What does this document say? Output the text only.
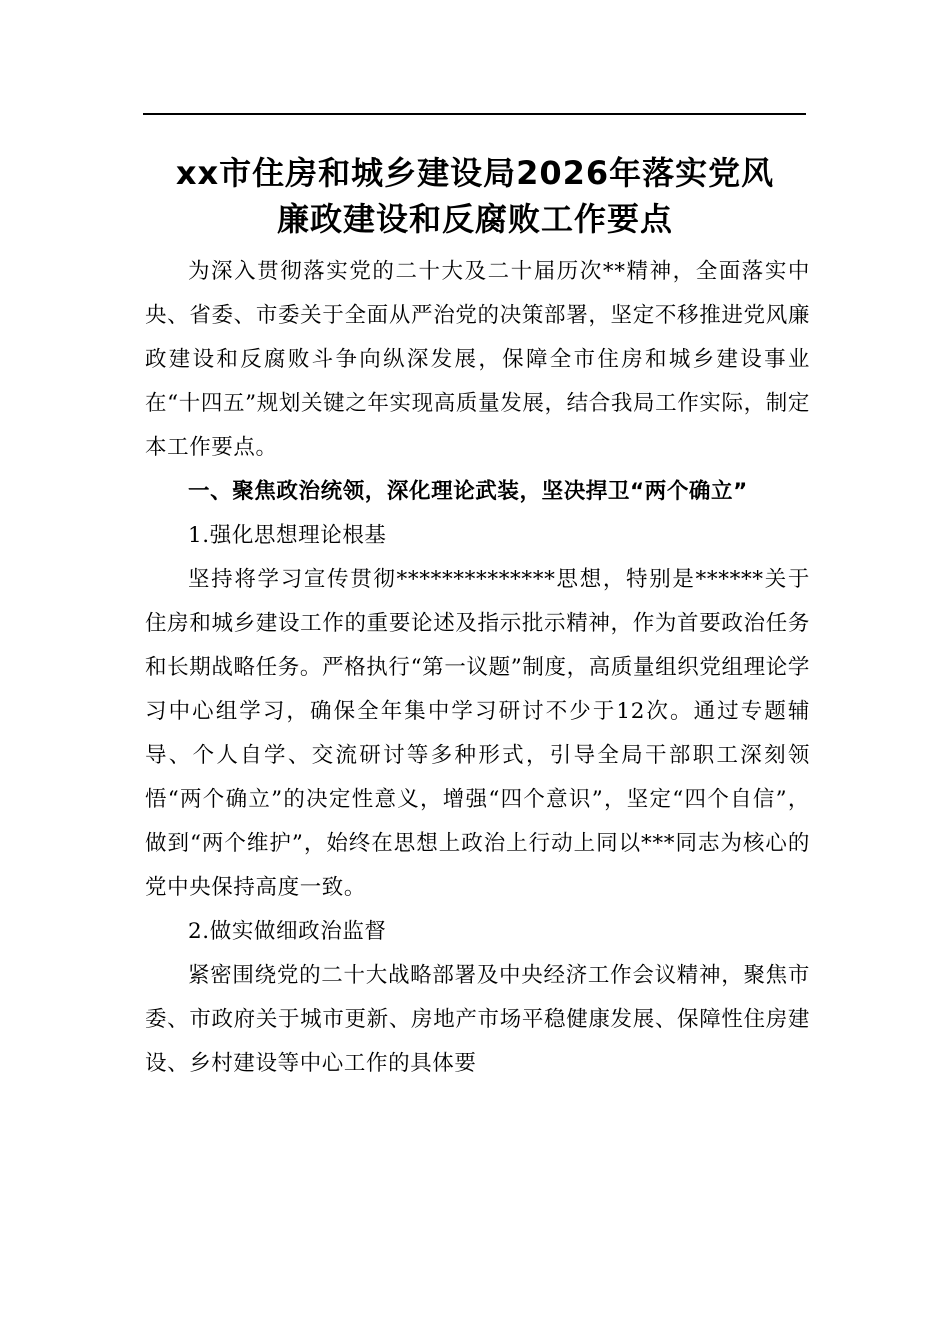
xx市住房和城乡建设局2026年落实党风
廉政建设和反腐败工作要点

为深入贯彻落实党的二十大及二十届历次**精神，全面落实中央、省委、市委关于全面从严治党的决策部署，坚定不移推进党风廉政建设和反腐败斗争向纵深发展，保障全市住房和城乡建设事业在“十四五”规划关键之年实现高质量发展，结合我局工作实际，制定本工作要点。

一、聚焦政治统领，深化理论武装，坚决捍卫“两个确立”

1.强化思想理论根基

坚持将学习宣传贯彻**************思想，特别是******关于住房和城乡建设工作的重要论述及指示批示精神，作为首要政治任务和长期战略任务。严格执行“第一议题”制度，高质量组织党组理论学习中心组学习，确保全年集中学习研讨不少于12次。通过专题辅导、个人自学、交流研讨等多种形式，引导全局干部职工深刻领悟“两个确立”的决定性意义，增强“四个意识”，坚定“四个自信”，做到“两个维护”，始终在思想上政治上行动上同以***同志为核心的党中央保持高度一致。

2.做实做细政治监督

紧密围绕党的二十大战略部署及中央经济工作会议精神，聚焦市委、市政府关于城市更新、房地产市场平稳健康发展、保障性住房建设、乡村建设等中心工作的具体要
